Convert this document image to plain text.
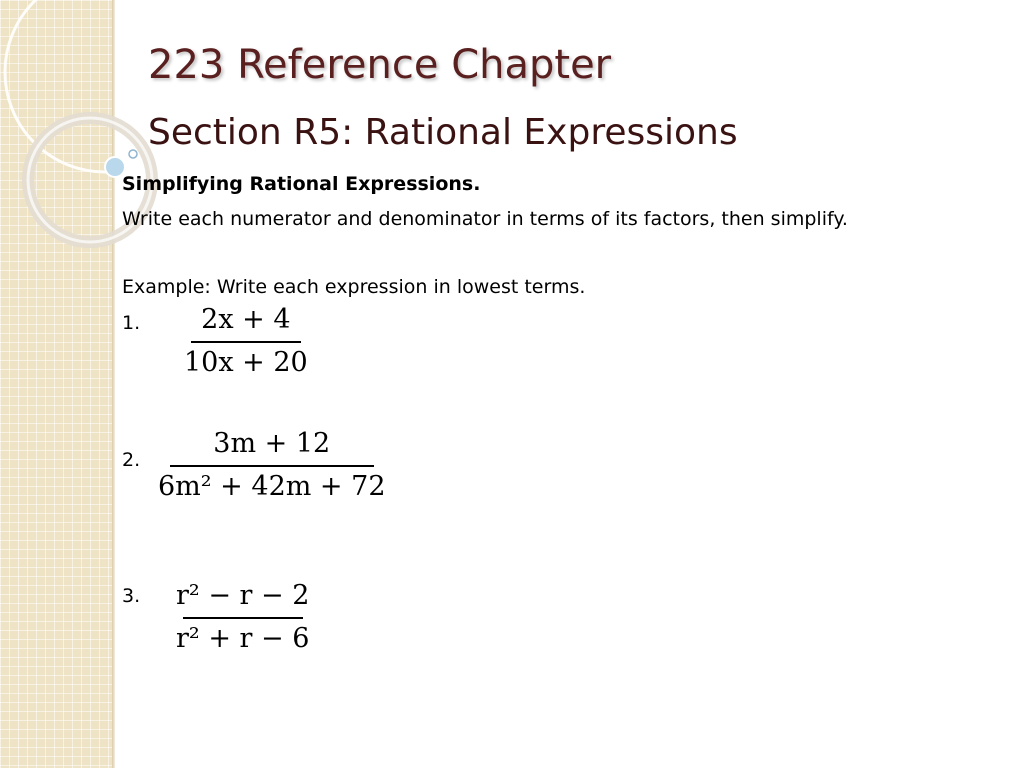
223 Reference Chapter
Section R5: Rational Expressions
Simplifying Rational Expressions.
Write each numerator and denominator in terms of its factors, then simplify.
Example: Write each expression in lowest terms.
1. 2x + 4
10x + 20
2.
3m + 12
6m² + 42m + 72
3. r² − r − 2
r² + r − 6
